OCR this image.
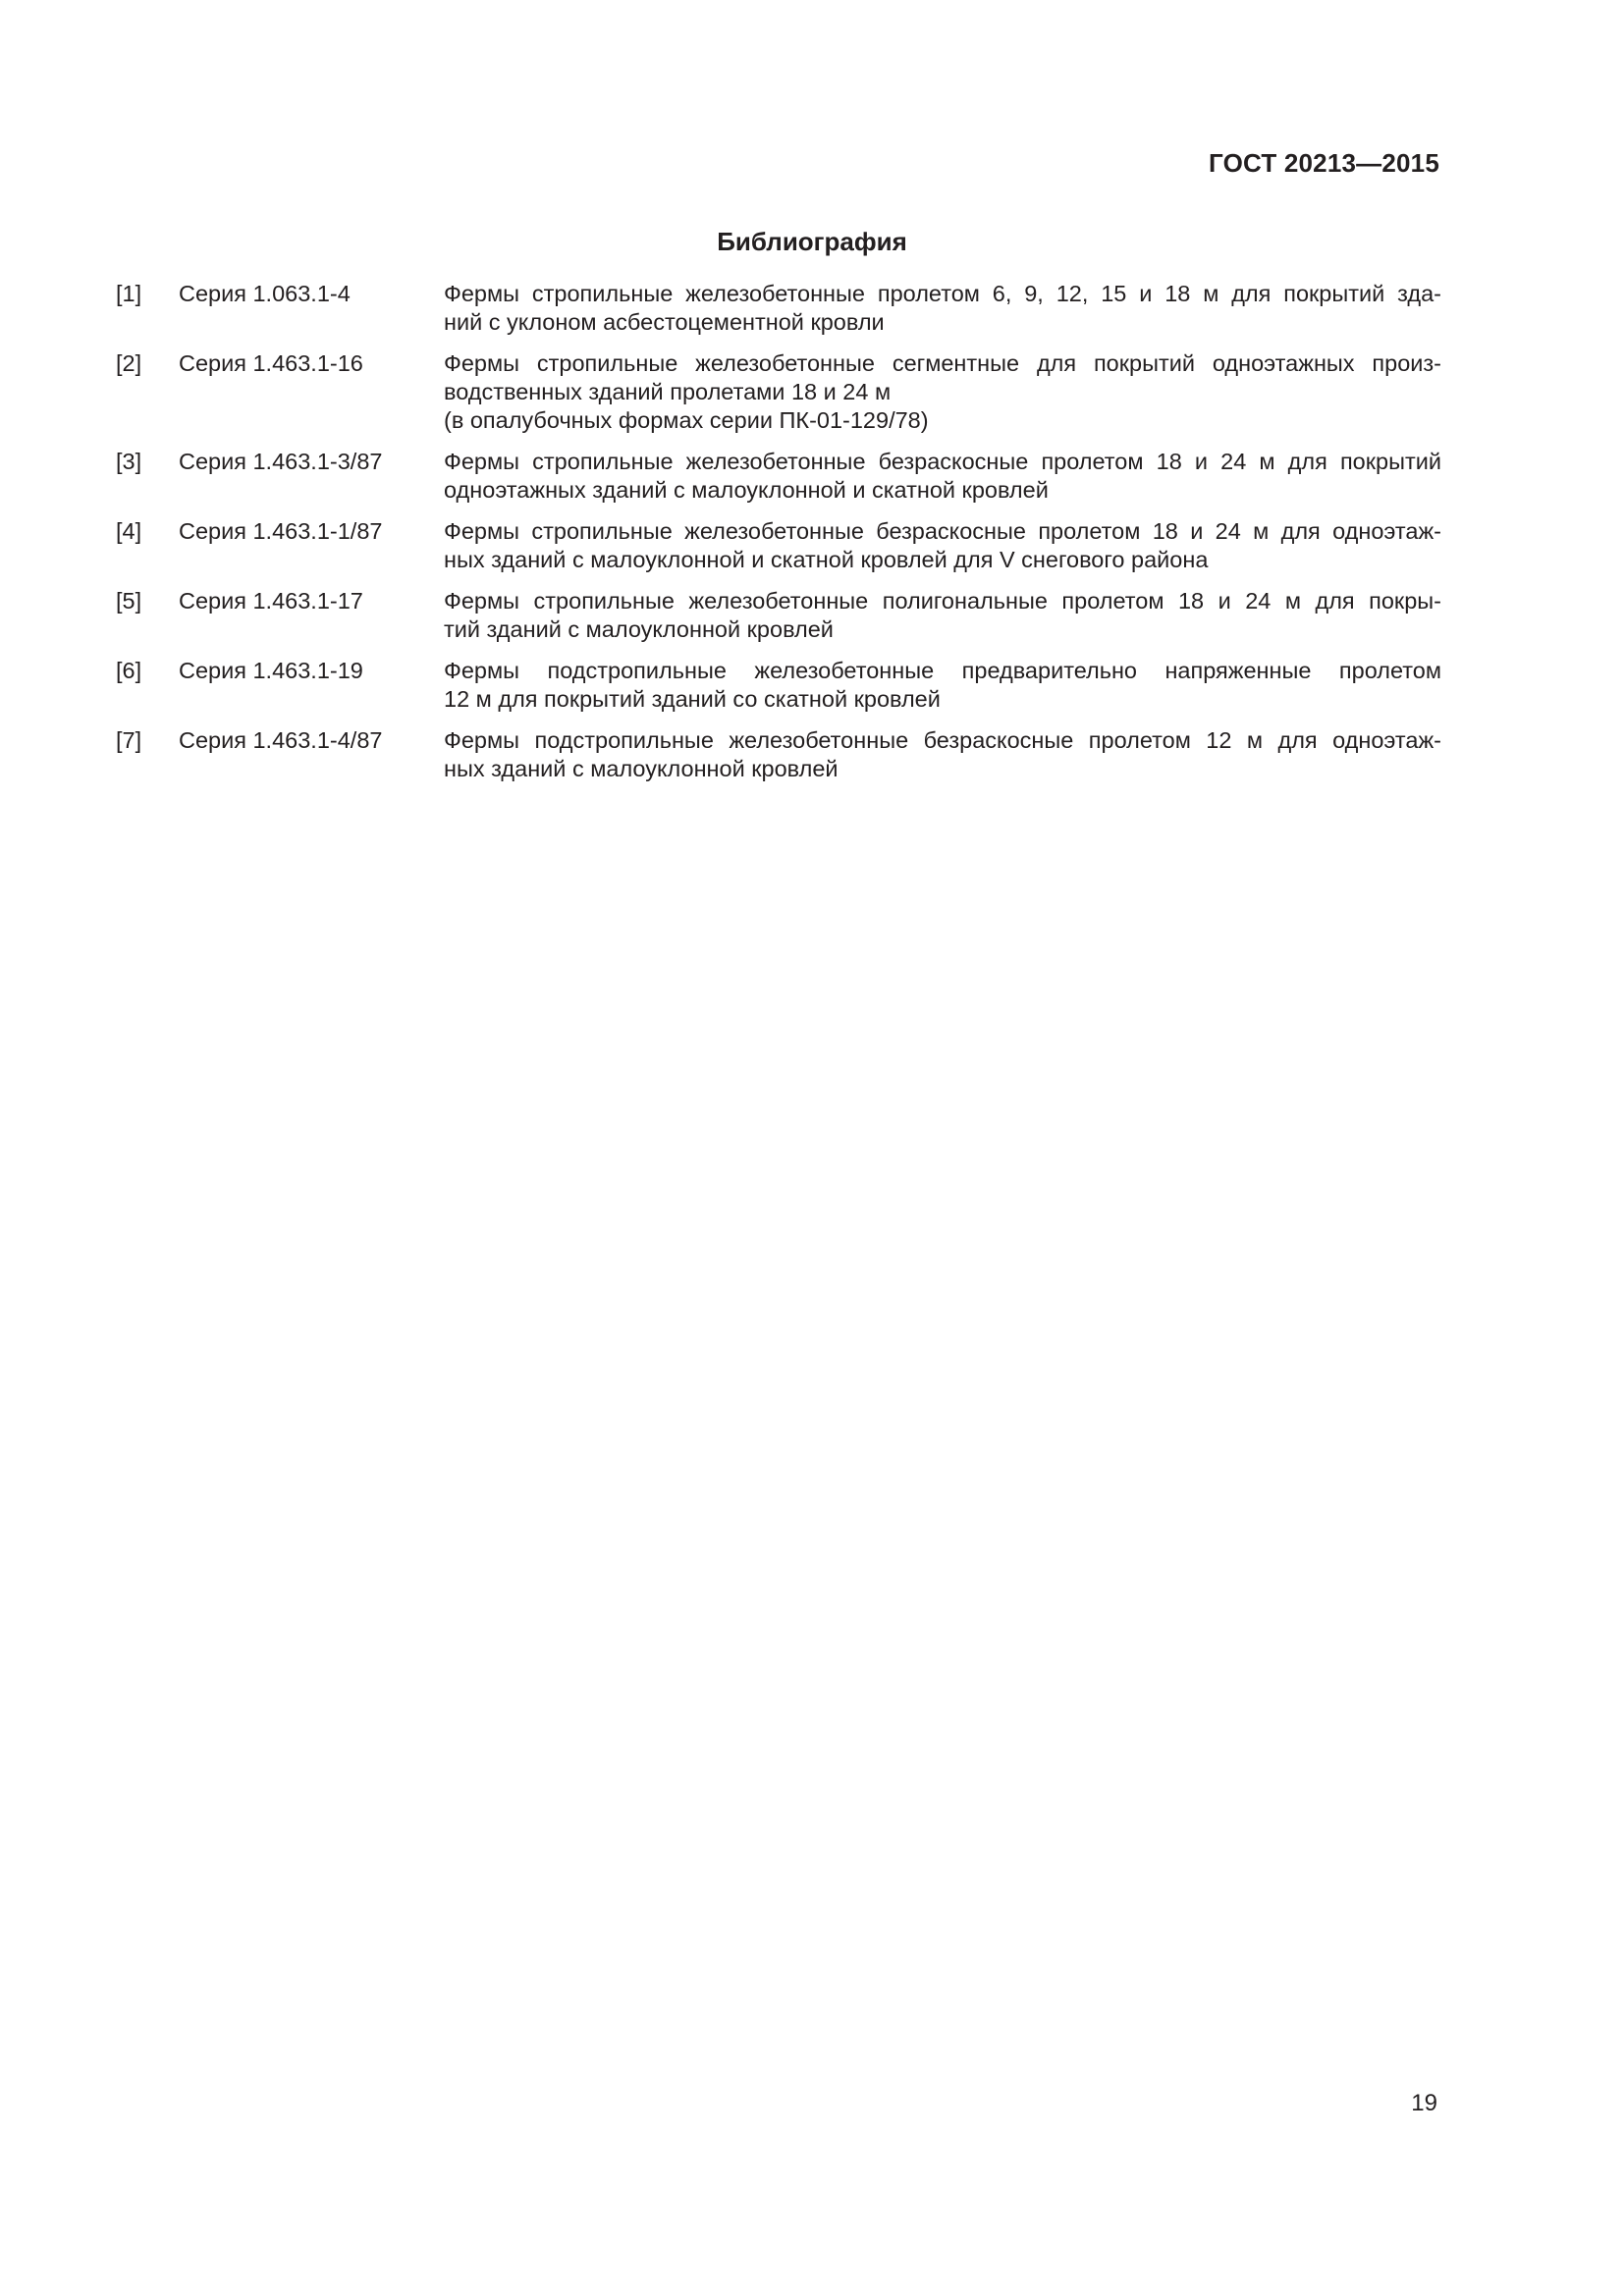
ГОСТ 20213—2015
Библиография
[1]	Серия 1.063.1-4	Фермы стропильные железобетонные пролетом 6, 9, 12, 15 и 18 м для покрытий зда-
ний с уклоном асбестоцементной кровли
[2]	Серия 1.463.1-16	Фермы стропильные железобетонные сегментные для покрытий одноэтажных произ-
водственных зданий пролетами 18 и 24 м
(в опалубочных формах серии ПК-01-129/78)
[3]	Серия 1.463.1-3/87	Фермы стропильные железобетонные безраскосные пролетом 18 и 24 м для покрытий
одноэтажных зданий с малоуклонной и скатной кровлей
[4]	Серия 1.463.1-1/87	Фермы стропильные железобетонные безраскосные пролетом 18 и 24 м для одноэтаж-
ных зданий с малоуклонной и скатной кровлей для V снегового района
[5]	Серия 1.463.1-17	Фермы стропильные железобетонные полигональные пролетом 18 и 24 м для покры-
тий зданий с малоуклонной кровлей
[6]	Серия 1.463.1-19	Фермы подстропильные железобетонные предварительно напряженные пролетом
12 м для покрытий зданий со скатной кровлей
[7]	Серия 1.463.1-4/87	Фермы подстропильные железобетонные безраскосные пролетом 12 м для одноэтаж-
ных зданий с малоуклонной кровлей
19
